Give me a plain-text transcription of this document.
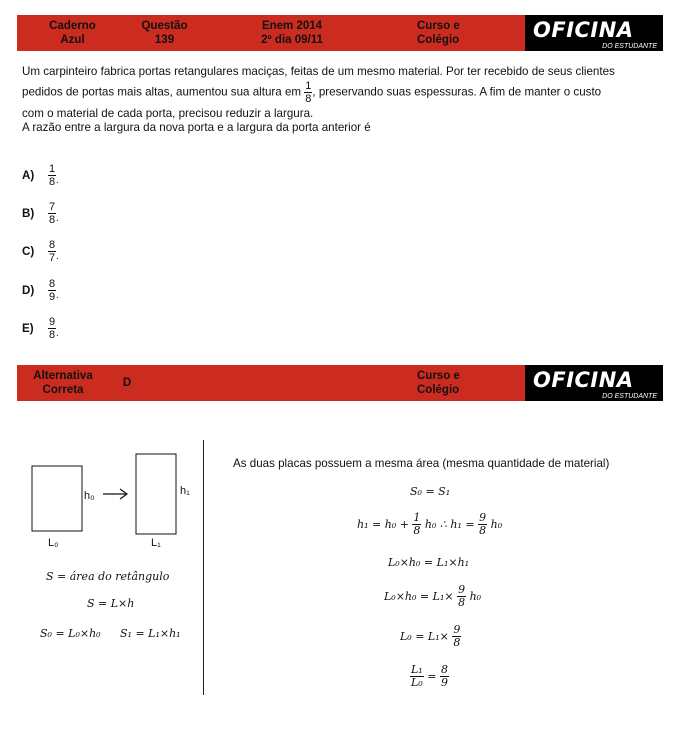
Caderno
Azul
Questão
139
Enem 2014
2º dia 09/11
Curso e
Colégio	OFICINA
DO ESTUDANTE
Um carpinteiro fabrica portas retangulares maciças, feitas de um mesmo material. Por ter recebido de seus clientes
pedidos de portas mais altas, aumentou sua altura em $\frac{1}{8}$ , preservando suas espessuras. A fim de manter o custo
com o material de cada porta, precisou reduzir a largura.
A razão entre a largura da nova porta e a largura da porta anterior é
$A) \frac{1}{8}$ .
$B) \frac{7}{8}$ .
$C) \frac{8}{7}$ .
$D) \frac{8}{9}$ .
$E) \frac{9}{8}$ .
Alternativa
Correta
D
Curso e
Colégio	OFICINA
DO ESTUDANTE
h₀	h₁
L₀	L₁
S = área do retângulo
S = L×h
S₀ = L₀×h₀ S₁ = L₁×h₁
As duas placas possuem a mesma área (mesma quantidade de material)
S₀ = S₁
$h_1 = h_0 + \frac{1}{8} h_0$ ∴ $h_1 = \frac{9}{8} h_0$
L₀×h₀ = L₁×h₁
$L_0\times h_0 = L_1\times \frac{9}{8} h_0$
$L_0 = L_1\times \frac{9}{8}$
$\frac{\text{L₁}}{\text{L₀}} = \frac{8}{9}$
